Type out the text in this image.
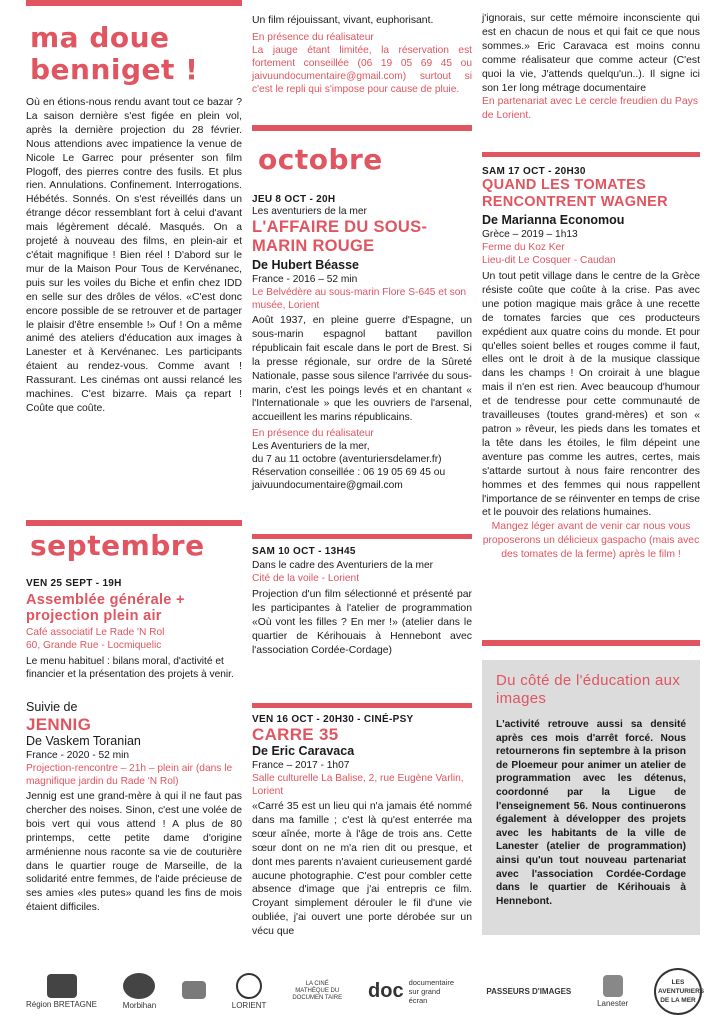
ma doue benniget !
Où en étions-nous rendu avant tout ce bazar ? La saison dernière s'est figée en plein vol, après la dernière projection du 28 février. Nous attendions avec impatience la venue de Nicole Le Garrec pour présenter son film Plogoff, des pierres contre des fusils. Et plus rien. Annulations. Confinement. Interrogations. Hébétés. Sonnés. On s'est réveillés dans un étrange décor ressemblant fort à celui d'avant mais légèrement décalé. Masqués. On a projeté à nouveau des films, en plein-air et c'était magnifique ! Bien réel ! D'abord sur le mur de la Maison Pour Tous de Kervénanec, puis sur les voiles du Biche et enfin chez IDD en selle sur des drôles de vélos. «C'est donc encore possible de se retrouver et de partager le plaisir d'être ensemble !» Ouf ! On a même animé des ateliers d'éducation aux images à Lanester et à Kervénanec. Les participants étaient au rendez-vous. Comme avant ! Rassurant. Les cinémas ont aussi relancé les machines. C'est bizarre. Mais ça repart ! Coûte que coûte.
septembre
VEN 25 SEPT - 19H
Assemblée générale + projection plein air
Café associatif Le Rade 'N Rol
60, Grande Rue - Locmiquelic
Le menu habituel : bilans moral, d'activité et financier et la présentation des projets à venir.
Suivie de
JENNIG
De Vaskem Toranian
France - 2020 - 52 min
Projection-rencontre – 21h – plein air (dans le magnifique jardin du Rade 'N Rol)
Jennig est une grand-mère à qui il ne faut pas chercher des noises. Sinon, c'est une volée de bois vert qui vous attend ! A plus de 80 printemps, cette petite dame d'origine arménienne nous raconte sa vie de couturière dans le quartier rouge de Marseille, de la solidarité entre femmes, de l'aide précieuse de ses amies «les putes» quand les fins de mois étaient difficiles.
Un film réjouissant, vivant, euphorisant.
En présence du réalisateur
La jauge étant limitée, la réservation est fortement conseillée (06 19 05 69 45 ou jaivuundocumentaire@gmail.com) surtout si c'est le repli qui s'impose pour cause de pluie.
octobre
JEU 8 OCT - 20H
Les aventuriers de la mer
L'AFFAIRE DU SOUS-MARIN ROUGE
De Hubert Béasse
France - 2016 – 52 min
Le Belvédère au sous-marin Flore S-645 et son musée, Lorient
Août 1937, en pleine guerre d'Espagne, un sous-marin espagnol battant pavillon républicain fait escale dans le port de Brest. Si la presse régionale, sur ordre de la Sûreté Nationale, passe sous silence l'arrivée du sous-marin, c'est les poings levés et en chantant « l'Internationale » que les ouvriers de l'arsenal, accueillent les marins républicains.
En présence du réalisateur
Les Aventuriers de la mer,
du 7 au 11 octobre (aventuriersdelamer.fr)
Réservation conseillée : 06 19 05 69 45 ou
jaivuundocumentaire@gmail.com
SAM 10 OCT - 13H45
Dans le cadre des Aventuriers de la mer
Cité de la voile - Lorient
Projection d'un film sélectionné et présenté par les participantes à l'atelier de programmation «Où vont les filles ? En mer !» (atelier dans le quartier de Kérihouais à Hennebont avec l'association Cordée-Cordage)
VEN 16 OCT - 20H30 - CINÉ-PSY
CARRE 35
De Eric Caravaca
France – 2017 - 1h07
Salle culturelle La Balise, 2, rue Eugène Varlin, Lorient
«Carré 35 est un lieu qui n'a jamais été nommé dans ma famille ; c'est là qu'est enterrée ma sœur aînée, morte à l'âge de trois ans. Cette sœur dont on ne m'a rien dit ou presque, et dont mes parents n'avaient curieusement gardé aucune photographie. C'est pour combler cette absence d'image que j'ai entrepris ce film. Croyant simplement dérouler le fil d'une vie oubliée, j'ai ouvert une porte dérobée sur un vécu que
j'ignorais, sur cette mémoire inconsciente qui est en chacun de nous et qui fait ce que nous sommes.» Eric Caravaca est moins connu comme réalisateur que comme acteur (C'est quoi la vie, J'attends quelqu'un..). Il signe ici son 1er long métrage documentaire
En partenariat avec Le cercle freudien du Pays de Lorient.
SAM 17 OCT - 20H30
QUAND LES TOMATES RENCONTRENT WAGNER
De Marianna Economou
Grèce – 2019 – 1h13
Ferme du Koz Ker
Lieu-dit Le Cosquer - Caudan
Un tout petit village dans le centre de la Grèce résiste coûte que coûte à la crise. Pas avec une potion magique mais grâce à une recette de tomates farcies que ces producteurs expédient aux quatre coins du monde. Et pour qu'elles soient belles et rouges comme il faut, elles ont le droit à de la musique classique dans les champs ! On croirait à une blague mais il n'en est rien. Avec beaucoup d'humour et de tendresse pour cette communauté de travailleuses (toutes grand-mères) et son « patron » rêveur, les pieds dans les tomates et la tête dans les étoiles, le film dépeint une aventure pas comme les autres, certes, mais s'attarde surtout à nous faire rencontrer des hommes et des femmes qui nous rappellent l'importance de se réinventer en temps de crise et le pouvoir des relations humaines.
Mangez léger avant de venir car nous vous proposerons un délicieux gaspacho (mais avec des tomates de la ferme) après le film !
Du côté de l'éducation aux images
L'activité retrouve aussi sa densité après ces mois d'arrêt forcé. Nous retournerons fin septembre à la prison de Ploemeur pour animer un atelier de programmation avec les détenus, coordonné par la Ligue de l'enseignement 56. Nous continuerons également à développer des projets avec les habitants de la ville de Lanester (atelier de programmation) ainsi qu'un tout nouveau partenariat avec l'association Cordée-Cordage dans le quartier de Kérihouais à Hennebont.
Région BRETAGNE	Morbihan	LORIENT
LA CINÉ MATHÈQUE DU DOCUMEN TAIRE doc documentaire sur grand écran
PASSEURS D'IMAGES
Lanester
LES AVENTURIERS DE LA MER
